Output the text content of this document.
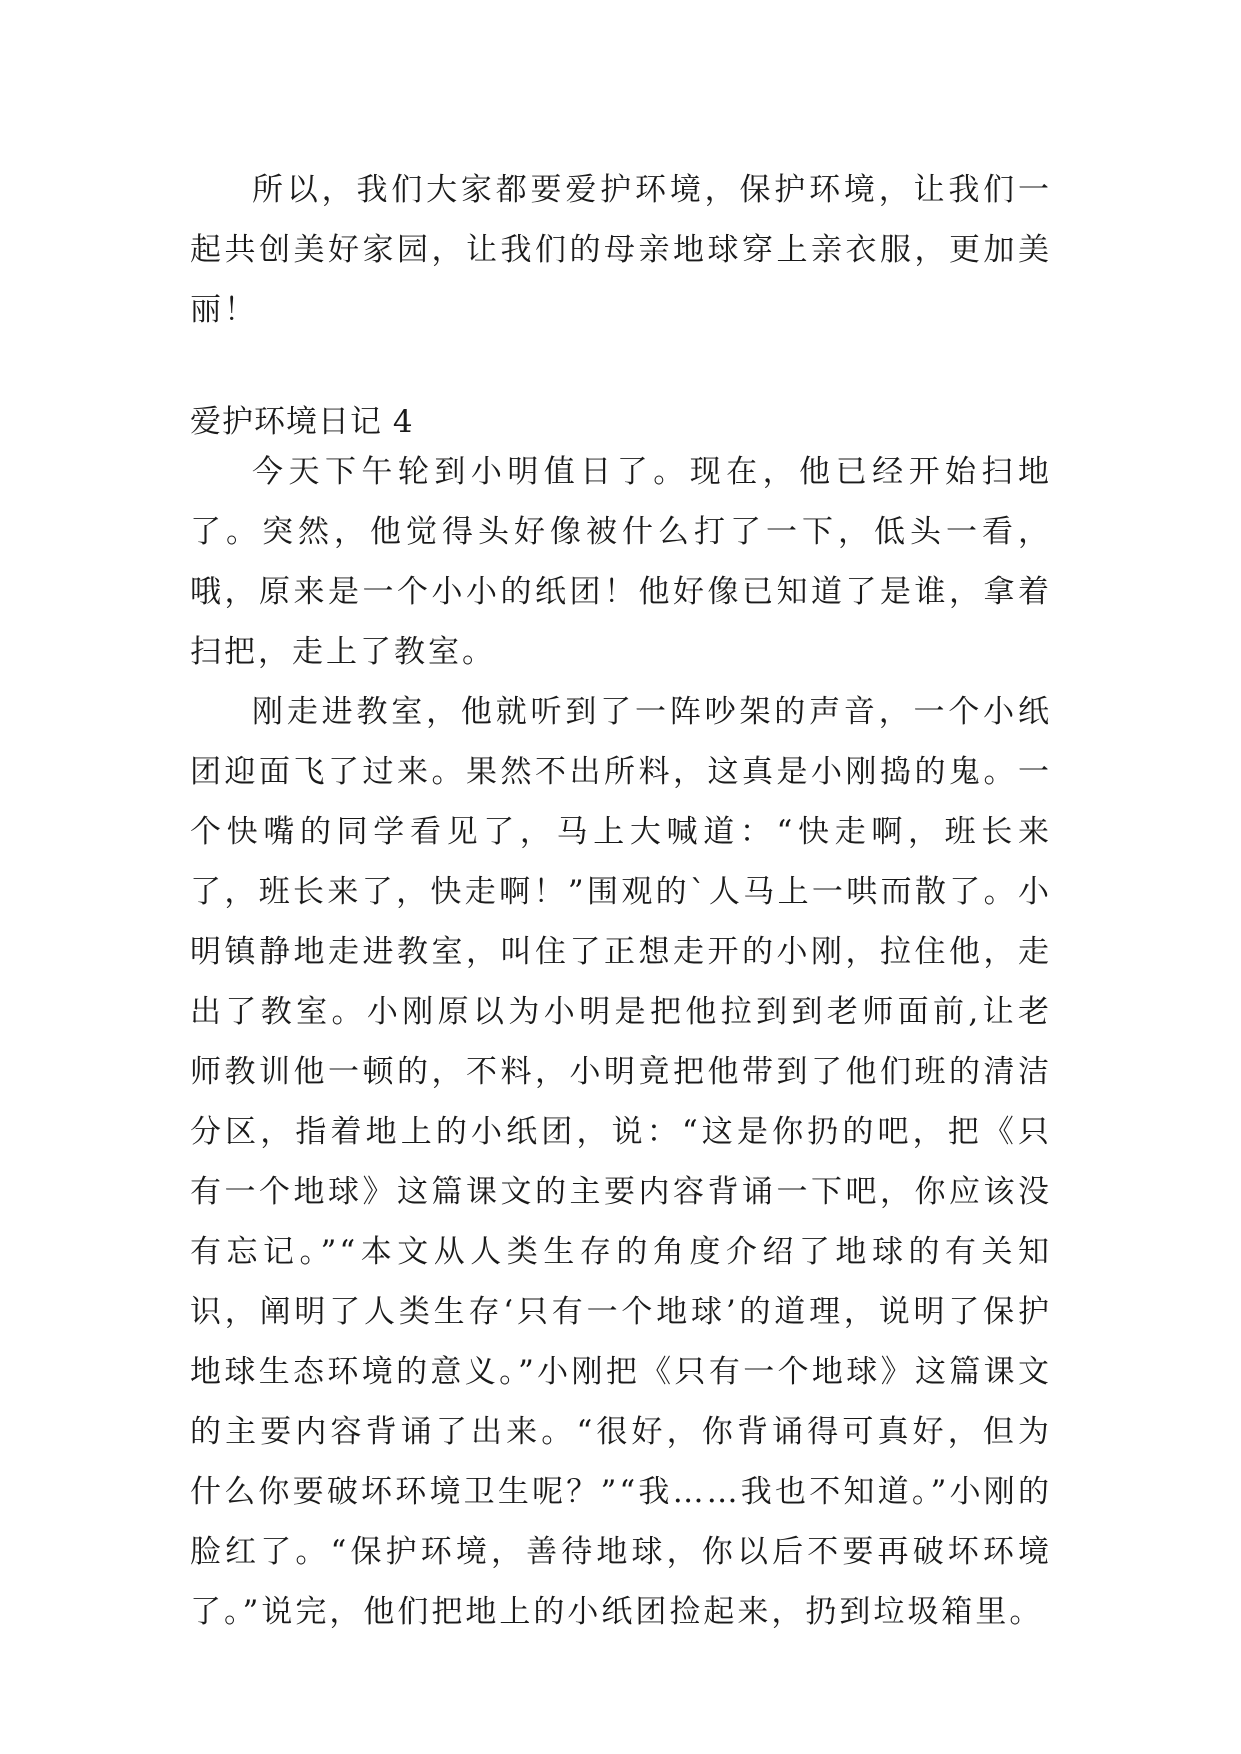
所以，我们大家都要爱护环境，保护环境，让我们一起共创美好家园，让我们的母亲地球穿上亲衣服，更加美丽！

爱护环境日记 4

今天下午轮到小明值日了。现在，他已经开始扫地了。突然，他觉得头好像被什么打了一下，低头一看，哦，原来是一个小小的纸团！他好像已知道了是谁，拿着扫把，走上了教室。

刚走进教室，他就听到了一阵吵架的声音，一个小纸团迎面飞了过来。果然不出所料，这真是小刚捣的鬼。一个快嘴的同学看见了，马上大喊道：“快走啊，班长来了，班长来了，快走啊！”围观的`人马上一哄而散了。小明镇静地走进教室，叫住了正想走开的小刚，拉住他，走出了教室。小刚原以为小明是把他拉到到老师面前,让老师教训他一顿的，不料，小明竟把他带到了他们班的清洁分区，指着地上的小纸团，说：“这是你扔的吧，把《只有一个地球》这篇课文的主要内容背诵一下吧，你应该没有忘记。”“本文从人类生存的角度介绍了地球的有关知识，阐明了人类生存‘只有一个地球’的道理，说明了保护地球生态环境的意义。”小刚把《只有一个地球》这篇课文的主要内容背诵了出来。“很好，你背诵得可真好，但为什么你要破坏环境卫生呢？”“我……我也不知道。”小刚的脸红了。“保护环境，善待地球，你以后不要再破坏环境了。”说完，他们把地上的小纸团捡起来，扔到垃圾箱里。
